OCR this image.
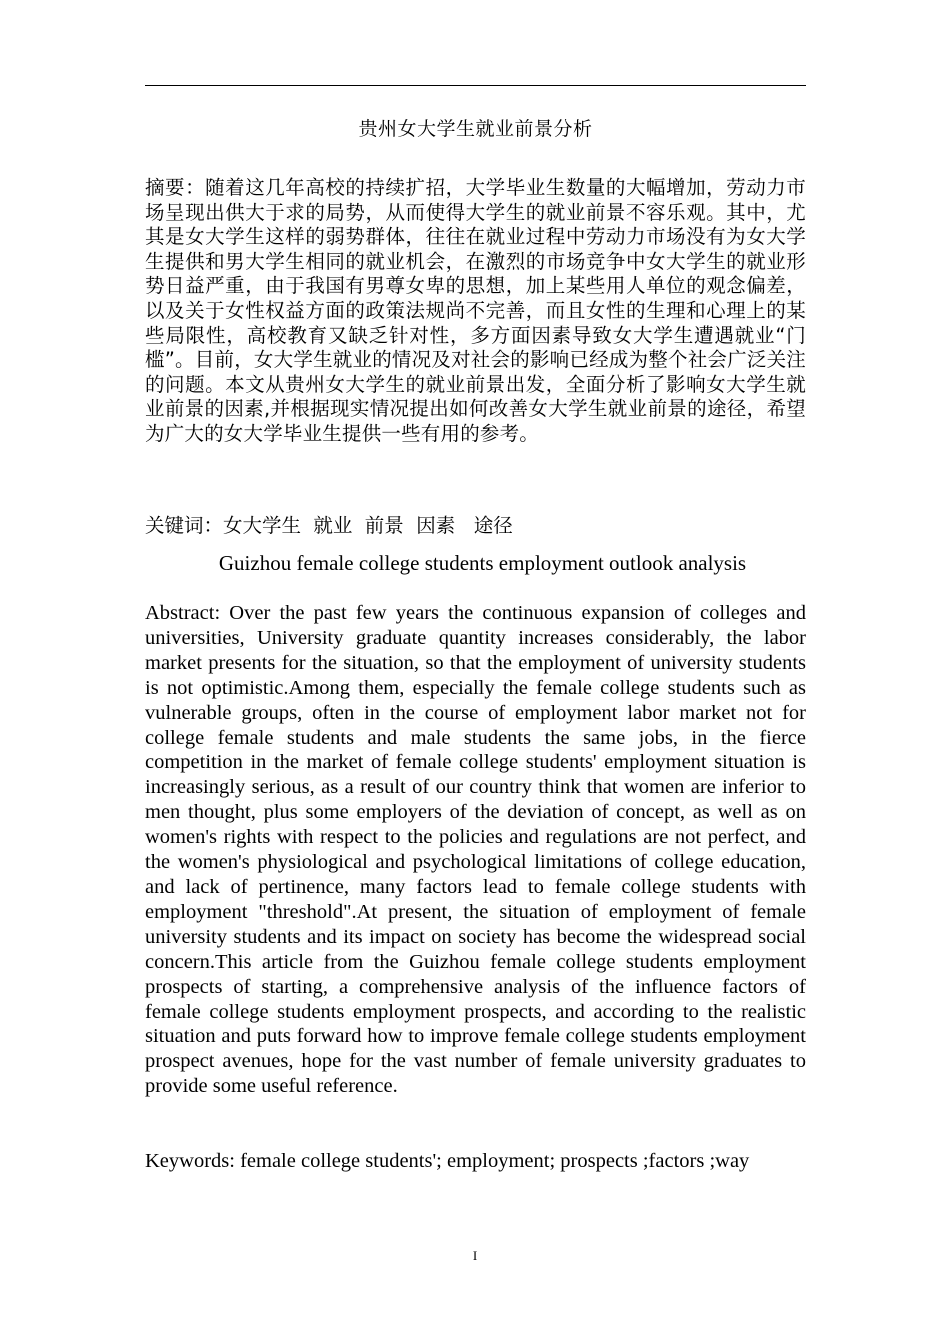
贵州女大学生就业前景分析

摘要：随着这几年高校的持续扩招，大学毕业生数量的大幅增加，劳动力市场呈现出供大于求的局势，从而使得大学生的就业前景不容乐观。其中，尤其是女大学生这样的弱势群体，往往在就业过程中劳动力市场没有为女大学生提供和男大学生相同的就业机会，在激烈的市场竞争中女大学生的就业形势日益严重，由于我国有男尊女卑的思想，加上某些用人单位的观念偏差，以及关于女性权益方面的政策法规尚不完善，而且女性的生理和心理上的某些局限性，高校教育又缺乏针对性，多方面因素导致女大学生遭遇就业“门槛”。目前，女大学生就业的情况及对社会的影响已经成为整个社会广泛关注的问题。本文从贵州女大学生的就业前景出发，全面分析了影响女大学生就业前景的因素,并根据现实情况提出如何改善女大学生就业前景的途径，希望为广大的女大学毕业生提供一些有用的参考。

关键词：女大学生  就业  前景  因素   途径

Guizhou female college students employment outlook analysis

Abstract: Over the past few years the continuous expansion of colleges and universities, University graduate quantity increases considerably, the labor market presents for the situation, so that the employment of university students is not optimistic.Among them, especially the female college students such as vulnerable groups, often in the course of employment labor market not for college female students and male students the same jobs, in the fierce competition in the market of female college students' employment situation is increasingly serious, as a result of our country think that women are inferior to men thought, plus some employers of the deviation of concept, as well as on women's rights with respect to the policies and regulations are not perfect, and the women's physiological and psychological limitations of college education, and lack of pertinence, many factors lead to female college students with employment "threshold".At present, the situation of employment of female university students and its impact on society has become the widespread social concern.This article from the Guizhou female college students employment prospects of starting, a comprehensive analysis of the influence factors of female college students employment prospects, and according to the realistic situation and puts forward how to improve female college students employment prospect avenues, hope for the vast number of female university graduates to provide some useful reference.

Keywords: female college students'; employment; prospects ;factors ;way

I
